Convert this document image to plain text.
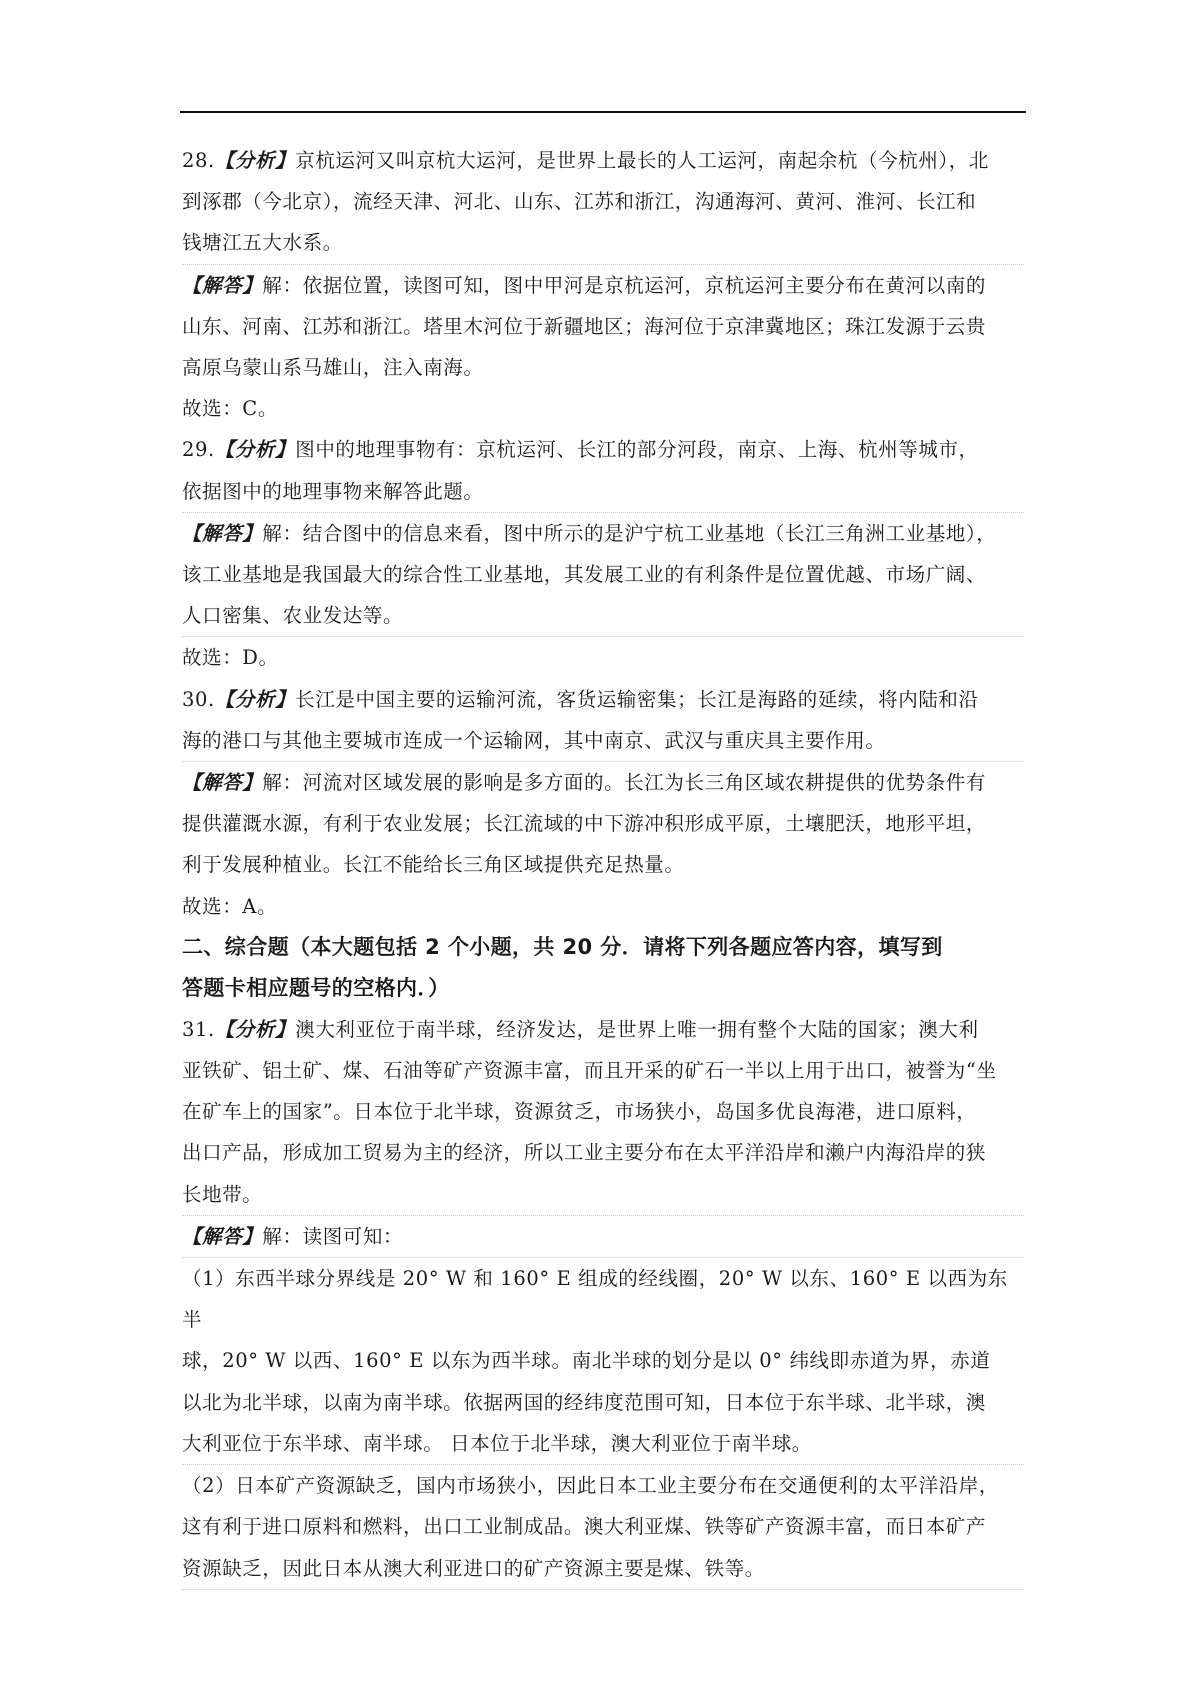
28.【分析】京杭运河又叫京杭大运河，是世界上最长的人工运河，南起余杭（今杭州），北
到涿郡（今北京），流经天津、河北、山东、江苏和浙江，沟通海河、黄河、淮河、长江和
钱塘江五大水系。
【解答】解：依据位置，读图可知，图中甲河是京杭运河，京杭运河主要分布在黄河以南的
山东、河南、江苏和浙江。塔里木河位于新疆地区；海河位于京津冀地区；珠江发源于云贵
高原乌蒙山系马雄山，注入南海。
故选：C。
29.【分析】图中的地理事物有：京杭运河、长江的部分河段，南京、上海、杭州等城市，
依据图中的地理事物来解答此题。
【解答】解：结合图中的信息来看，图中所示的是沪宁杭工业基地（长江三角洲工业基地），
该工业基地是我国最大的综合性工业基地，其发展工业的有利条件是位置优越、市场广阔、
人口密集、农业发达等。
故选：D。
30.【分析】长江是中国主要的运输河流，客货运输密集；长江是海路的延续，将内陆和沿
海的港口与其他主要城市连成一个运输网，其中南京、武汉与重庆具主要作用。
【解答】解：河流对区域发展的影响是多方面的。长江为长三角区域农耕提供的优势条件有
提供灌溉水源，有利于农业发展；长江流域的中下游冲积形成平原，土壤肥沃，地形平坦，
利于发展种植业。长江不能给长三角区域提供充足热量。
故选：A。
二、综合题（本大题包括 2 个小题，共 20 分．请将下列各题应答内容，填写到
答题卡相应题号的空格内．）
31.【分析】澳大利亚位于南半球，经济发达，是世界上唯一拥有整个大陆的国家；澳大利
亚铁矿、铝土矿、煤、石油等矿产资源丰富，而且开采的矿石一半以上用于出口，被誉为“坐
在矿车上的国家”。日本位于北半球，资源贫乏，市场狭小，岛国多优良海港，进口原料，
出口产品，形成加工贸易为主的经济，所以工业主要分布在太平洋沿岸和濑户内海沿岸的狭
长地带。
【解答】解：读图可知：
（1）东西半球分界线是 20° W 和 160° E 组成的经线圈，20° W 以东、160° E 以西为东半
球，20° W 以西、160° E 以东为西半球。南北半球的划分是以 0° 纬线即赤道为界，赤道
以北为北半球，以南为南半球。依据两国的经纬度范围可知，日本位于东半球、北半球，澳
大利亚位于东半球、南半球。 日本位于北半球，澳大利亚位于南半球。
（2）日本矿产资源缺乏，国内市场狭小，因此日本工业主要分布在交通便利的太平洋沿岸，
这有利于进口原料和燃料，出口工业制成品。澳大利亚煤、铁等矿产资源丰富，而日本矿产
资源缺乏，因此日本从澳大利亚进口的矿产资源主要是煤、铁等。
